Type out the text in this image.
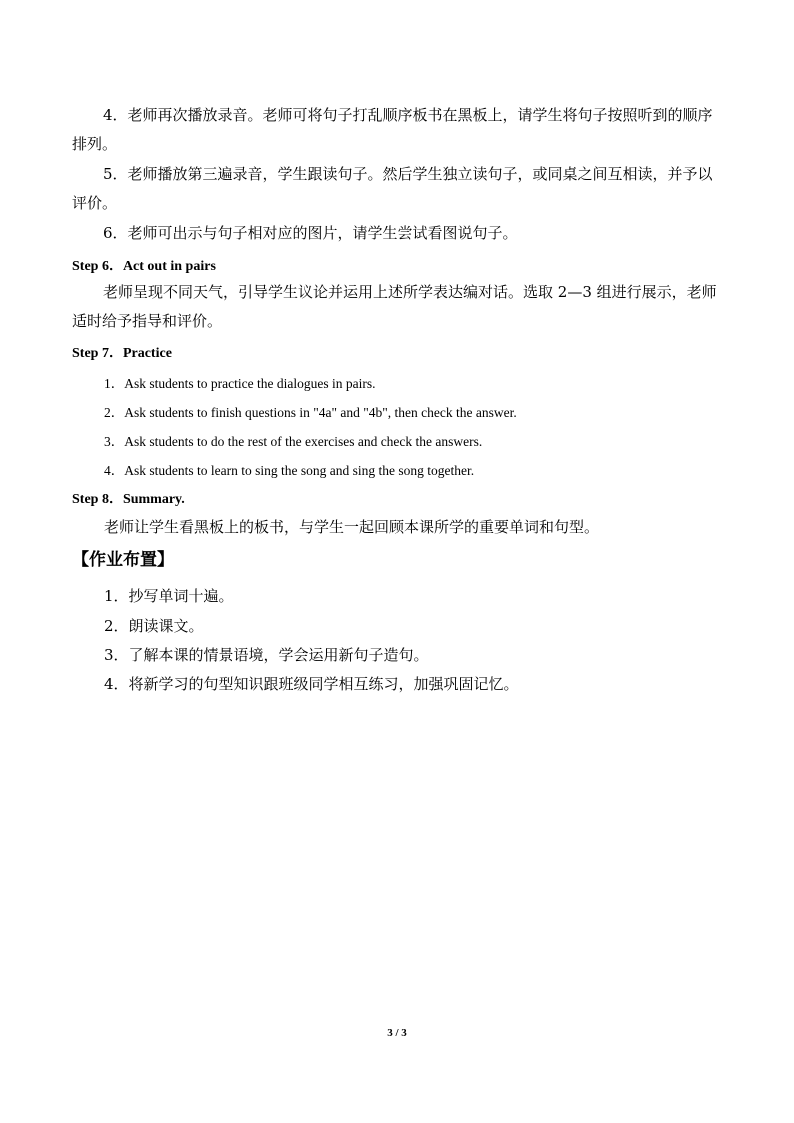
4．老师再次播放录音。老师可将句子打乱顺序板书在黑板上，请学生将句子按照听到的顺序排列。
5．老师播放第三遍录音，学生跟读句子。然后学生独立读句子，或同桌之间互相读，并予以评价。
6．老师可出示与句子相对应的图片，请学生尝试看图说句子。
Step 6．Act out in pairs
老师呈现不同天气，引导学生议论并运用上述所学表达编对话。选取 2—3 组进行展示，老师适时给予指导和评价。
Step 7．Practice
1．Ask students to practice the dialogues in pairs.
2．Ask students to finish questions in "4a" and "4b", then check the answer.
3．Ask students to do the rest of the exercises and check the answers.
4．Ask students to learn to sing the song and sing the song together.
Step 8．Summary.
老师让学生看黑板上的板书，与学生一起回顾本课所学的重要单词和句型。
【作业布置】
1．抄写单词十遍。
2．朗读课文。
3．了解本课的情景语境，学会运用新句子造句。
4．将新学习的句型知识跟班级同学相互练习，加强巩固记忆。
3 / 3
